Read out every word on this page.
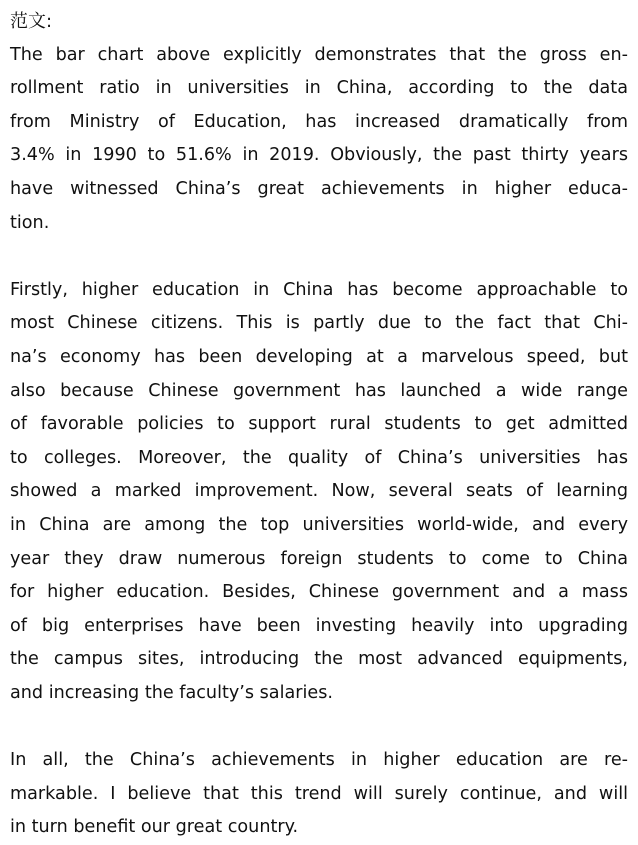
范文:
The bar chart above explicitly demonstrates that the gross en-
rollment ratio in universities in China, according to the data
from Ministry of Education, has increased dramatically from
3.4% in 1990 to 51.6% in 2019. Obviously, the past thirty years
have witnessed China’s great achievements in higher educa-
tion.
Firstly, higher education in China has become approachable to
most Chinese citizens. This is partly due to the fact that Chi-
na’s economy has been developing at a marvelous speed, but
also because Chinese government has launched a wide range
of favorable policies to support rural students to get admitted
to colleges. Moreover, the quality of China’s universities has
showed a marked improvement. Now, several seats of learning
in China are among the top universities world-wide, and every
year they draw numerous foreign students to come to China
for higher education. Besides, Chinese government and a mass
of big enterprises have been investing heavily into upgrading
the campus sites, introducing the most advanced equipments,
and increasing the faculty’s salaries.
In all, the China’s achievements in higher education are re-
markable. I believe that this trend will surely continue, and will
in turn benefit our great country.
